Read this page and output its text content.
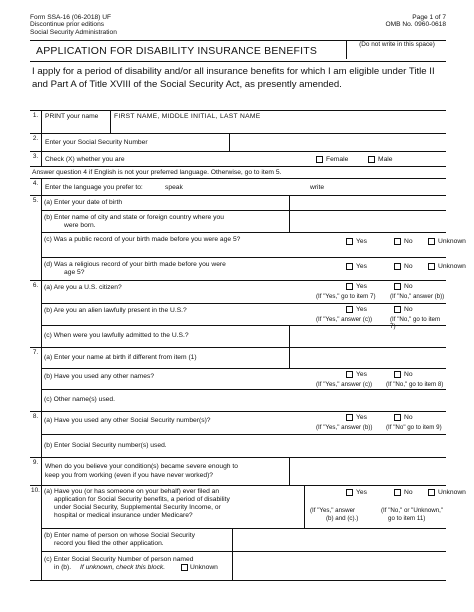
Form SSA-16 (06-2018) UF
Discontinue prior editions
Social Security Administration
Page 1 of 7
OMB No. 0960-0618
APPLICATION FOR DISABILITY INSURANCE BENEFITS
(Do not write in this space)
I apply for a period of disability and/or all insurance benefits for which I am eligible under Title II and Part A of Title XVIII of the Social Security Act, as presently amended.
1.	PRINT your name FIRST NAME, MIDDLE INITIAL, LAST NAME
2.
Enter your Social Security Number
3.	Check (X) whether you are	Female	Male
Answer question 4 if English is not your preferred language. Otherwise, go to item 5.
4.
Enter the language you prefer to:	speak	write
5. (a) Enter your date of birth
(b) Enter name of city and state or foreign country where you
were born.
(c) Was a public record of your birth made before you were age 5?	Yes	No	Unknown
(d) Was a religious record of your birth made before you were
age 5?
Yes	No	Unknown
6. (a) Are you a U.S. citizen?	Yes
(If "Yes," go to item 7)
No
(If "No," answer (b))
(b) Are you an alien lawfully present in the U.S.?	Yes
(If "Yes," answer (c))
No
(If "No," go to item 7)
(c) When were you lawfully admitted to the U.S.?
7.
(a) Enter your name at birth if different from item (1)
(b) Have you used any other names?	Yes
(If "Yes," answer (c))
No
(If "No," go to item 8)
(c) Other name(s) used.
8.
(a) Have you used any other Social Security number(s)?	Yes
(If "Yes," answer (b))
No
(If "No" go to item 9)
(b) Enter Social Security number(s) used.
9.
When do you believe your condition(s) became severe enough to
keep you from working (even if you have never worked)?
10. (a) Have you (or has someone on your behalf) ever filed an
application for Social Security benefits, a period of disability
under Social Security, Supplemental Security Income, or
hospital or medical insurance under Medicare?
Yes	No	Unknown
(If "Yes," answer
(b) and (c).)
(If "No," or "Unknown,"
go to item 11)
(b) Enter name of person on whose Social Security
record you filed the other application.
(c) Enter Social Security Number of person named
in (b). If unknown, check this block.	Unknown
